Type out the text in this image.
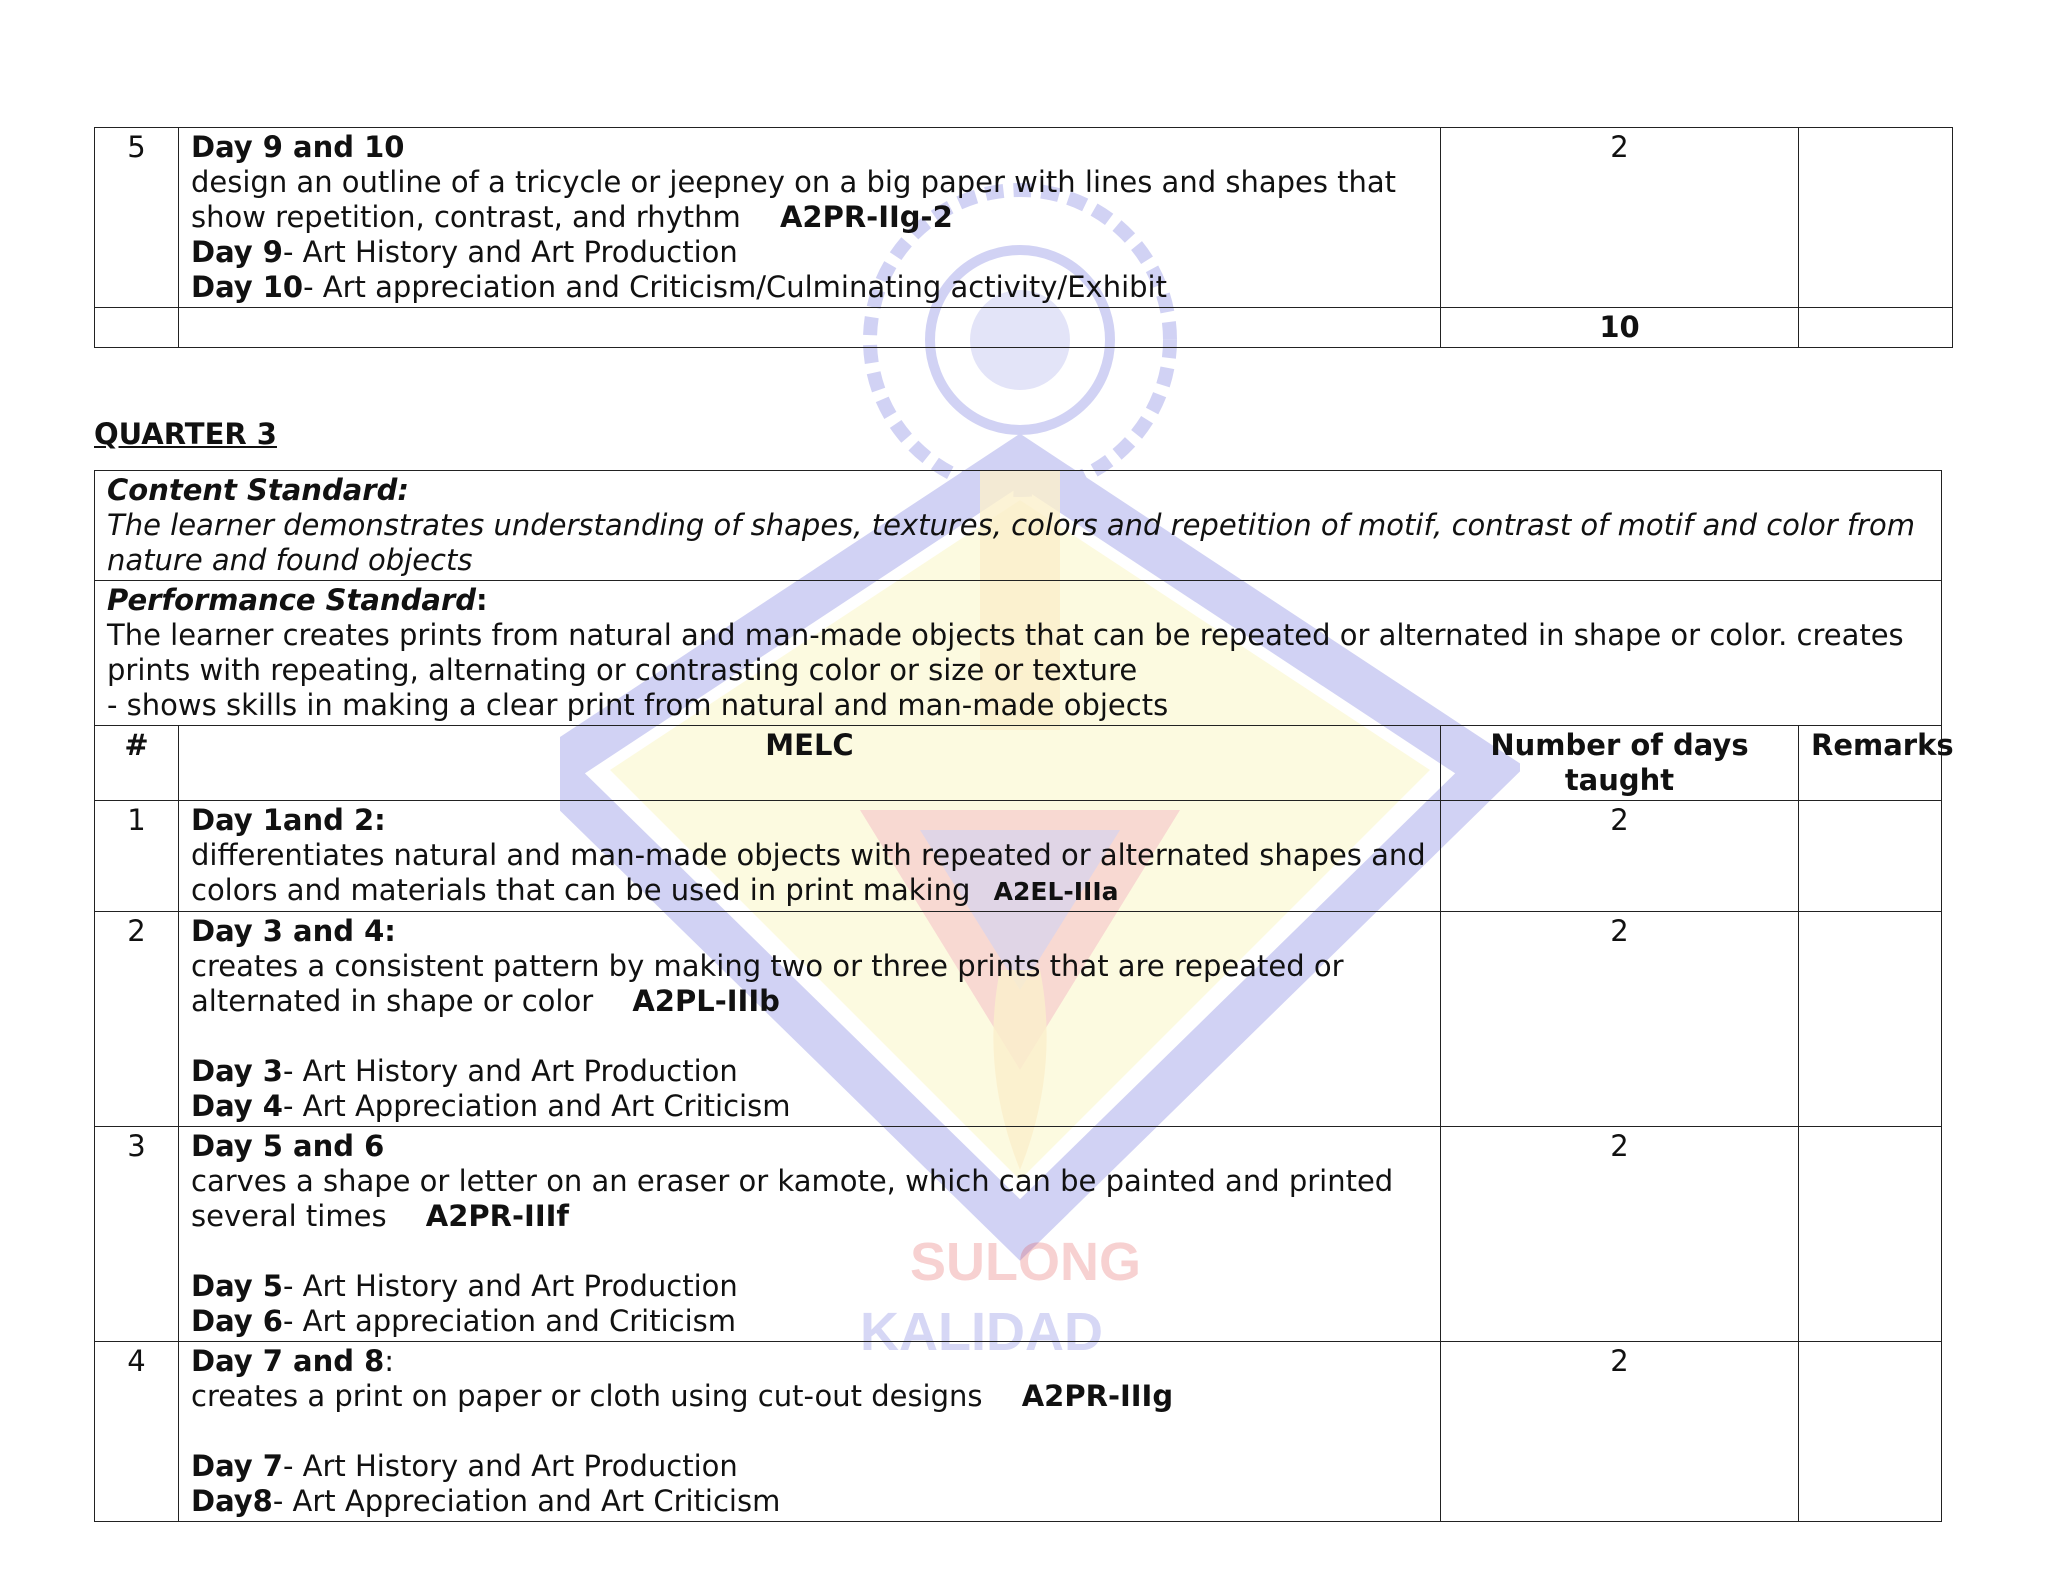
SULONG
KALIDAD
5	Day 9 and 10
design an outline of a tricycle or jeepney on a big paper with lines and shapes that show repetition, contrast, and rhythm A2PR-IIg-2
Day 9- Art History and Art Production
Day 10- Art appreciation and Criticism/Culminating activity/Exhibit	2	
		10	
QUARTER 3
Content Standard:
The learner demonstrates understanding of shapes, textures, colors and repetition of motif, contrast of motif and color from nature and found objects			
Performance Standard:
The learner creates prints from natural and man-made objects that can be repeated or alternated in shape or color. creates prints with repeating, alternating or contrasting color or size or texture
- shows skills in making a clear print from natural and man-made objects			
#	MELC	Number of days taught	Remarks
1	Day 1and 2:
differentiates natural and man-made objects with repeated or alternated shapes and colors and materials that can be used in print making A2EL-IIIa	2	
2	Day 3 and 4:
creates a consistent pattern by making two or three prints that are repeated or alternated in shape or color A2PL-IIIb
Day 3- Art History and Art Production
Day 4- Art Appreciation and Art Criticism	2	
3	Day 5 and 6
carves a shape or letter on an eraser or kamote, which can be painted and printed several times A2PR-IIIf
Day 5- Art History and Art Production
Day 6- Art appreciation and Criticism	2	
4	Day 7 and 8:
creates a print on paper or cloth using cut-out designs A2PR-IIIg
Day 7- Art History and Art Production
Day8- Art Appreciation and Art Criticism	2	
